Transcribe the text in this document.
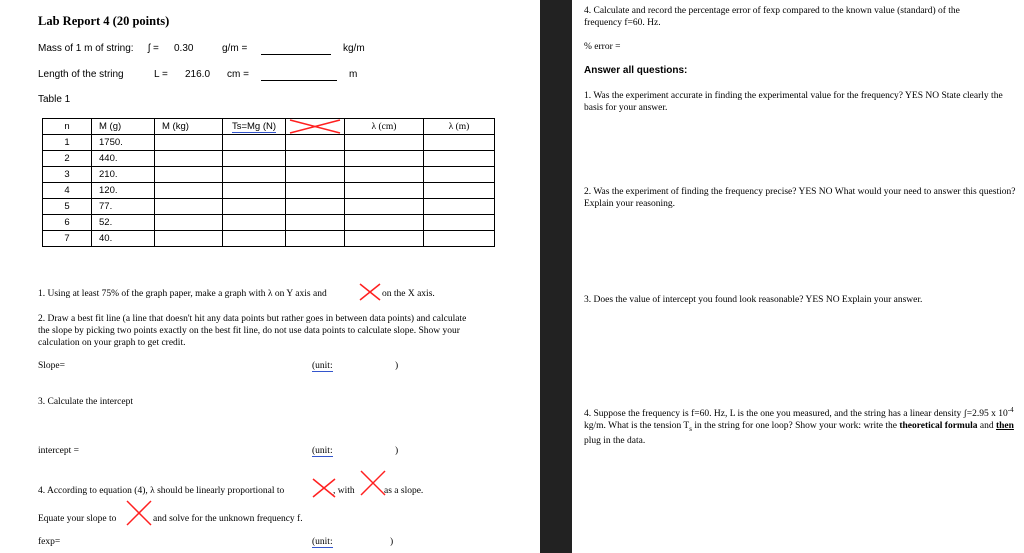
Lab Report 4 (20 points)
Mass of 1 m of string: ʃ = 0.30	g/m =	kg/m
Length of the string	L = 216.0 cm =	m
Table 1
n	M (g)	M (kg)	Ts=Mg (N)		λ (cm)	λ (m)
1	1750.					
2	440.					
3	210.					
4	120.					
5	77.					
6	52.					
7	40.					
1. Using at least 75% of the graph paper, make a graph with λ on Y axis and	on the X axis.
2. Draw a best fit line (a line that doesn't hit any data points but rather goes in between data points) and calculate the slope by picking two points exactly on the best fit line, do not use data points to calculate slope. Show your calculation on your graph to get credit.
Slope=	(unit:	)
3. Calculate the intercept
intercept =	(unit:	)
4. According to equation (4), λ should be linearly proportional to	, with	as a slope.
Equate your slope to	and solve for the unknown frequency f.
fexp=	(unit:	)
4. Calculate and record the percentage error of fexp compared to the known value (standard) of the frequency f=60. Hz.
% error =
Answer all questions:
1. Was the experiment accurate in finding the experimental value for the frequency? YES NO State clearly the basis for your answer.
2. Was the experiment of finding the frequency precise? YES NO What would your need to answer this question? Explain your reasoning.
3. Does the value of intercept you found look reasonable? YES NO Explain your answer.
4. Suppose the frequency is f=60. Hz, L is the one you measured, and the string has a linear density ʃ=2.95 x $10^{-4}$ kg/m. What is the tension $T_s$ in the string for one loop? Show your work: write the theoretical formula and then plug in the data.
